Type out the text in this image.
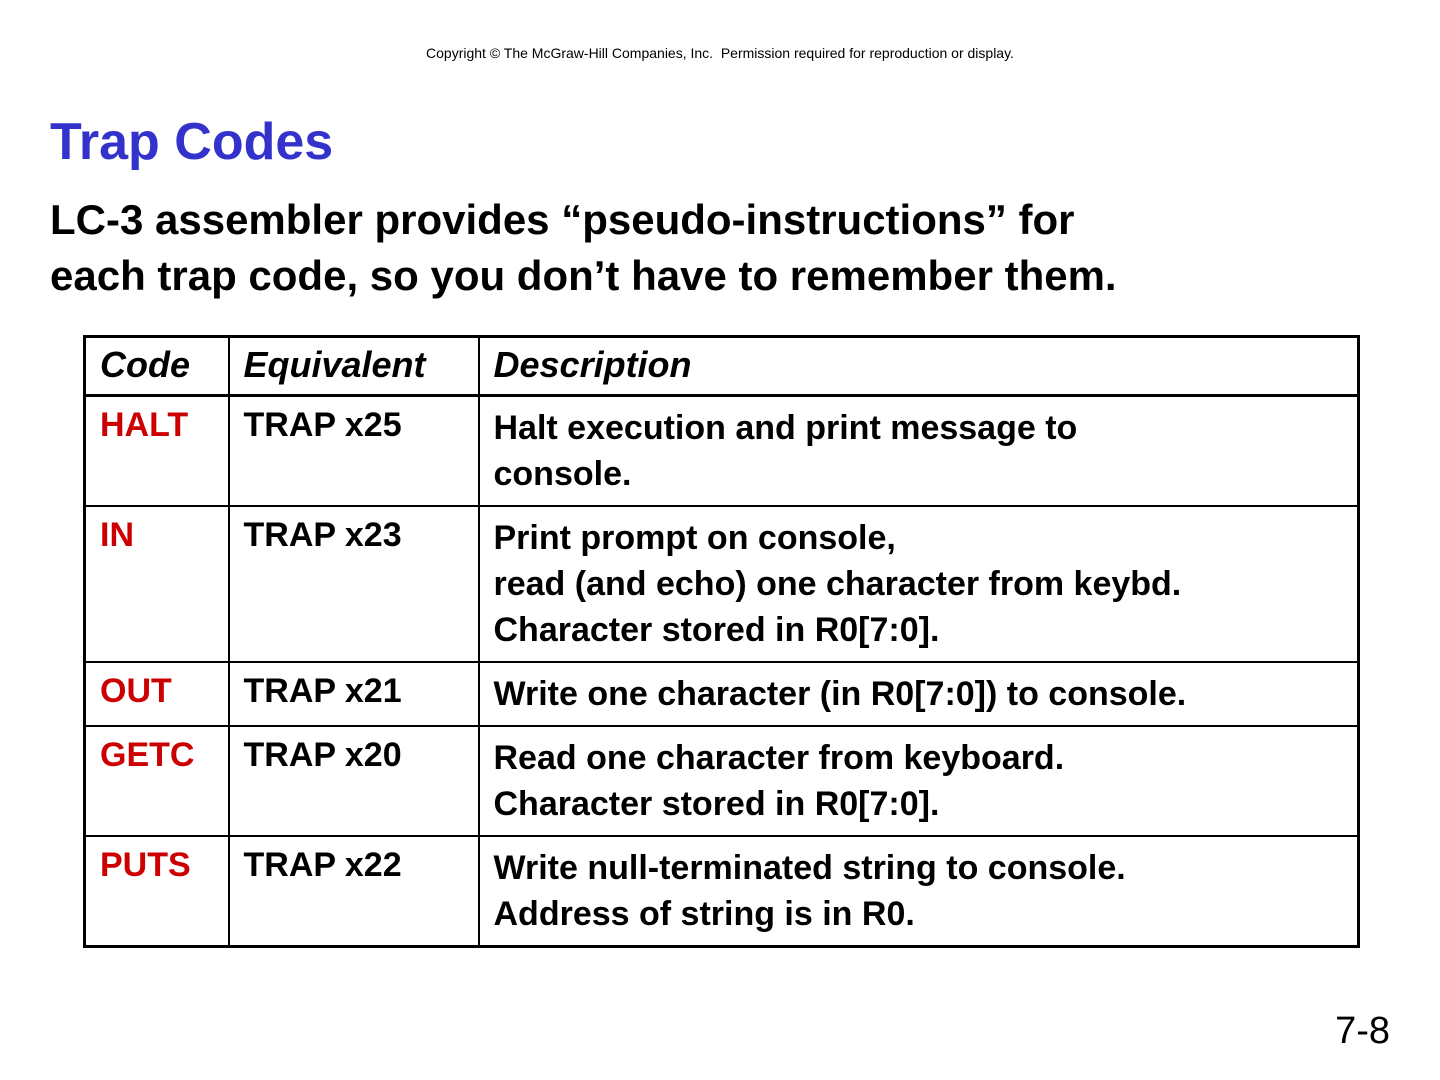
Copyright © The McGraw-Hill Companies, Inc.  Permission required for reproduction or display.
Trap Codes
LC-3 assembler provides “pseudo-instructions” for
each trap code, so you don’t have to remember them.
Code	Equivalent	Description
HALT	TRAP x25	Halt execution and print message to
console.

IN	TRAP x23	Print prompt on console,
read (and echo) one character from keybd.
Character stored in R0[7:0].

OUT	TRAP x21	Write one character (in R0[7:0]) to console.

GETC	TRAP x20	Read one character from keyboard.
Character stored in R0[7:0].

PUTS	TRAP x22	Write null-terminated string to console.
Address of string is in R0.
7-8
